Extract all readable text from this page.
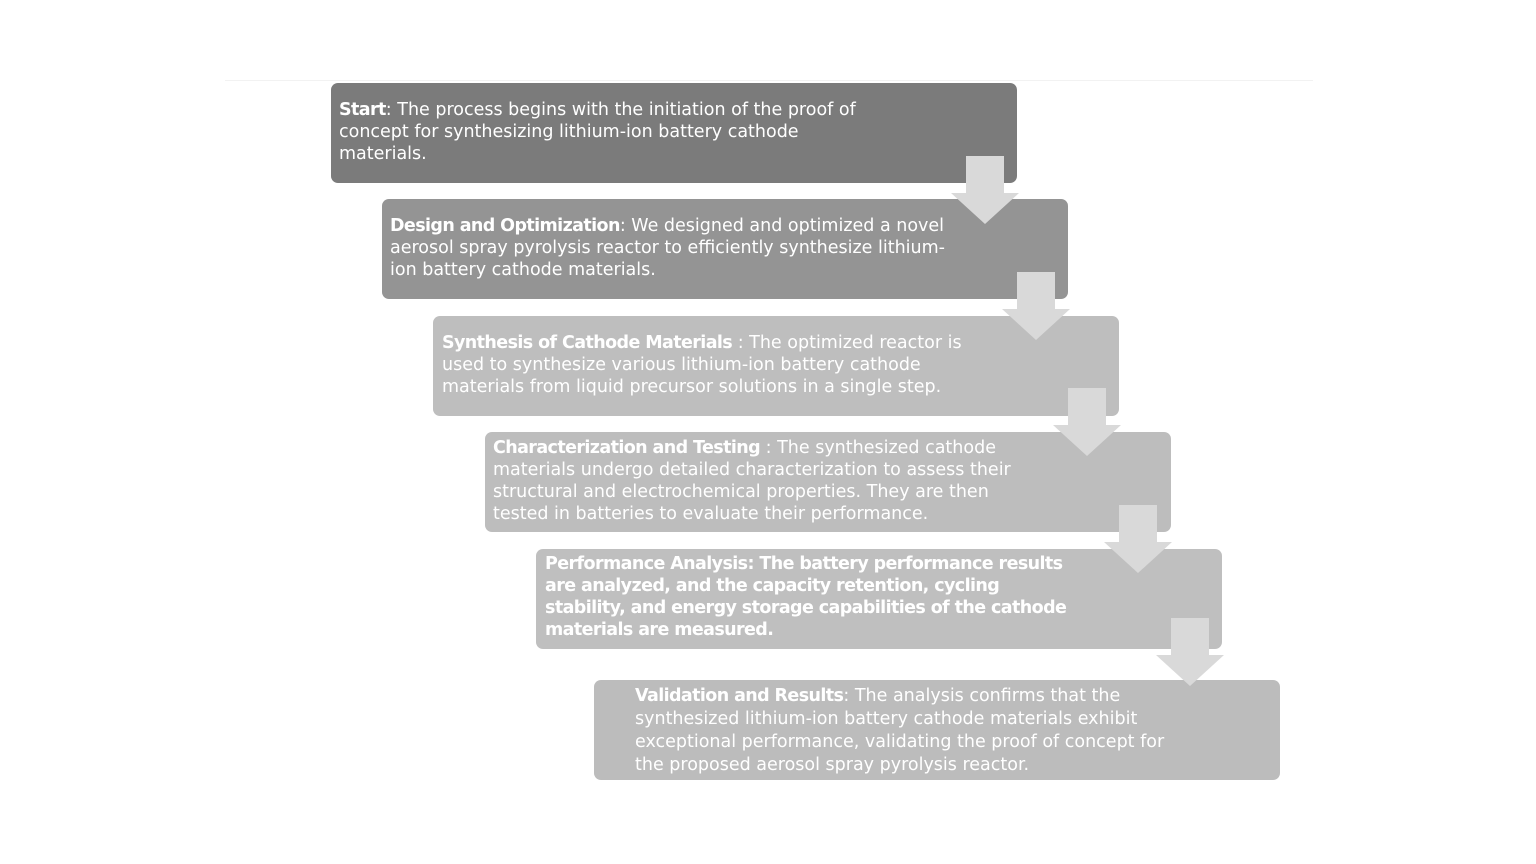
Start: The process begins with the initiation of the proof of concept for synthesizing lithium-ion battery cathode materials.

Design and Optimization: We designed and optimized a novel aerosol spray pyrolysis reactor to efficiently synthesize lithium-ion battery cathode materials.

Synthesis of Cathode Materials : The optimized reactor is used to synthesize various lithium-ion battery cathode materials from liquid precursor solutions in a single step.

Characterization and Testing : The synthesized cathode materials undergo detailed characterization to assess their structural and electrochemical properties. They are then tested in batteries to evaluate their performance.

Performance Analysis: The battery performance results are analyzed, and the capacity retention, cycling stability, and energy storage capabilities of the cathode materials are measured.

Validation and Results: The analysis confirms that the synthesized lithium-ion battery cathode materials exhibit exceptional performance, validating the proof of concept for the proposed aerosol spray pyrolysis reactor.
